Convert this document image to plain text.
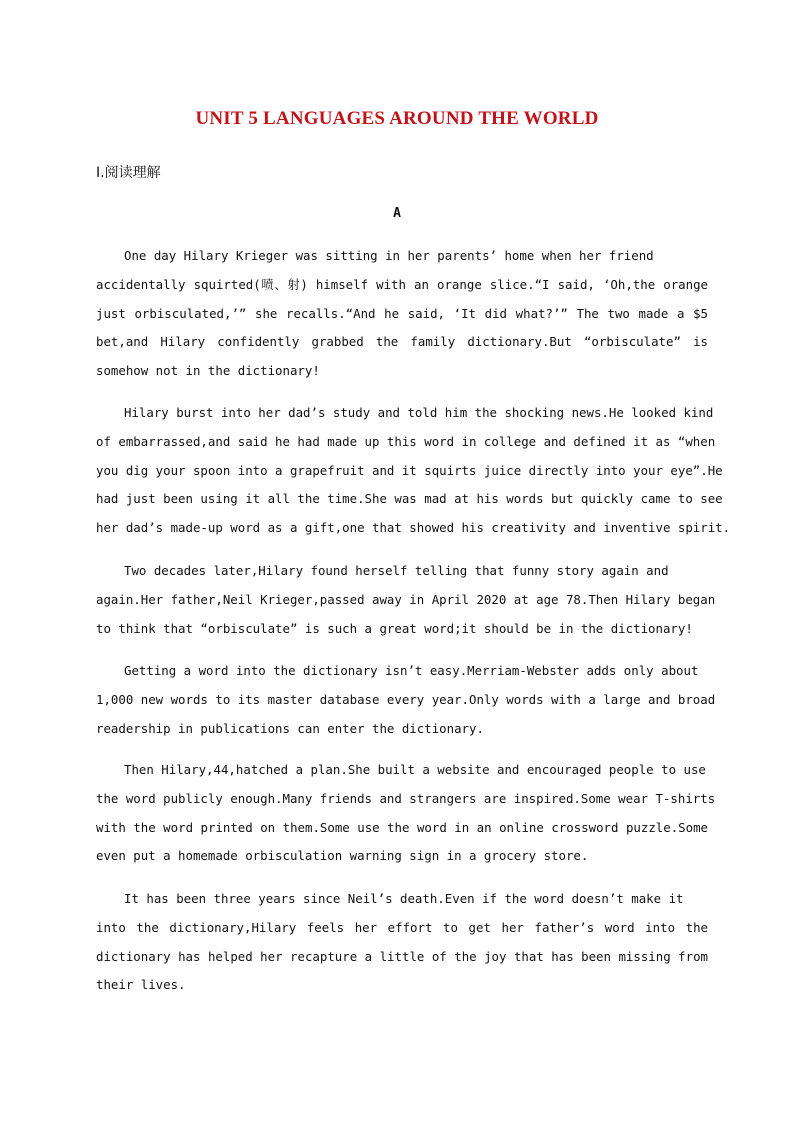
UNIT 5 LANGUAGES AROUND THE WORLD
Ⅰ.阅读理解
A
One day Hilary Krieger was sitting in her parents’ home when her friend
accidentally squirted(喷、射) himself with an orange slice.“I said, ‘Oh,the orange
just orbisculated,’” she recalls.“And he said, ‘It did what?’” The two made a $5
bet,and Hilary confidently grabbed the family dictionary.But “orbisculate” is
somehow not in the dictionary!
Hilary burst into her dad’s study and told him the shocking news.He looked kind
of embarrassed,and said he had made up this word in college and defined it as “when
you dig your spoon into a grapefruit and it squirts juice directly into your eye”.He
had just been using it all the time.She was mad at his words but quickly came to see
her dad’s made-up word as a gift,one that showed his creativity and inventive spirit.
Two decades later,Hilary found herself telling that funny story again and
again.Her father,Neil Krieger,passed away in April 2020 at age 78.Then Hilary began
to think that “orbisculate” is such a great word;it should be in the dictionary!
Getting a word into the dictionary isn’t easy.Merriam-Webster adds only about
1,000 new words to its master database every year.Only words with a large and broad
readership in publications can enter the dictionary.
Then Hilary,44,hatched a plan.She built a website and encouraged people to use
the word publicly enough.Many friends and strangers are inspired.Some wear T-shirts
with the word printed on them.Some use the word in an online crossword puzzle.Some
even put a homemade orbisculation warning sign in a grocery store.
It has been three years since Neil’s death.Even if the word doesn’t make it
into the dictionary,Hilary feels her effort to get her father’s word into the
dictionary has helped her recapture a little of the joy that has been missing from
their lives.
